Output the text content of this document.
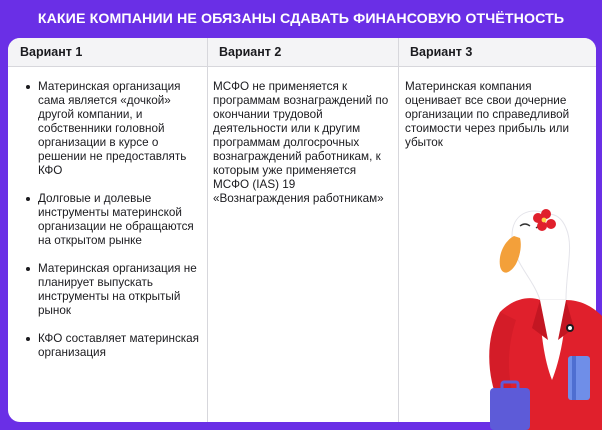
КАКИЕ КОМПАНИИ НЕ ОБЯЗАНЫ СДАВАТЬ ФИНАНСОВУЮ ОТЧЁТНОСТЬ
Вариант 1	Вариант 2	Вариант 3
Материнская организация сама является «дочкой» другой компании, и собственники головной организации в курсе о решении не предоставлять КФО
Долговые и долевые инструменты материнской организации не обращаются на открытом рынке
Материнская организация не планирует выпускать инструменты на открытый рынок
КФО составляет материнская организация
МСФО не применяется к программам вознаграждений по окончании трудовой деятельности или к другим программам долгосрочных вознаграждений работникам, к которым уже применяется МСФО (IAS) 19 «Вознаграждения работникам»
Материнская компания оценивает все свои дочерние организации по справедливой стоимости через прибыль или убыток
